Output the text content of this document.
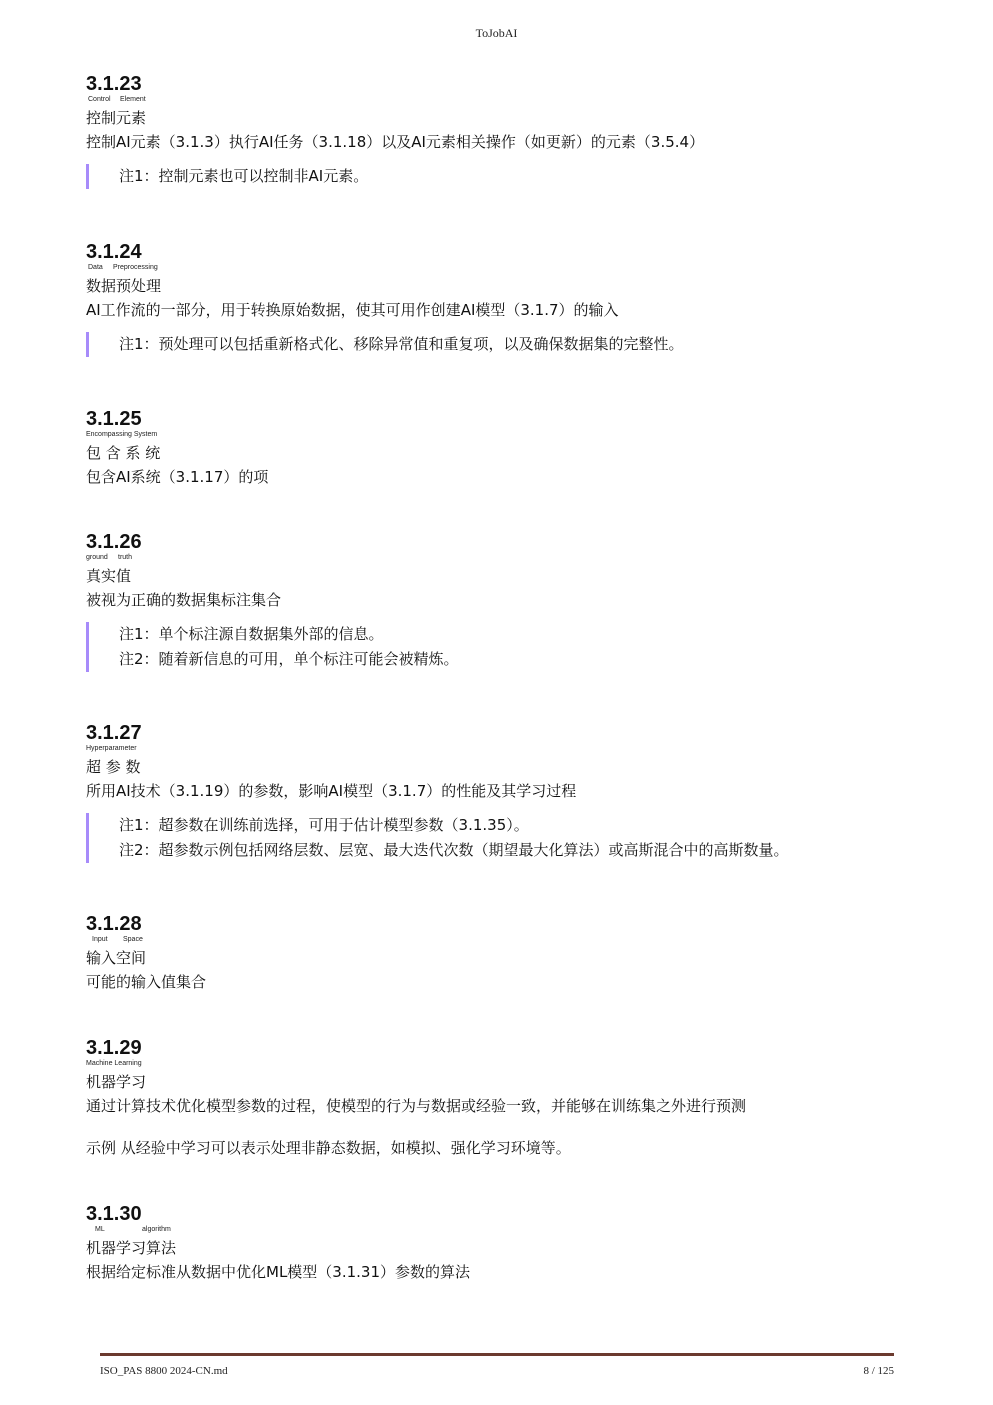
ToJobAI
3.1.23
Control Element
控制元素
控制AI元素（3.1.3）执行AI任务（3.1.18）以及AI元素相关操作（如更新）的元素（3.5.4）
注1：控制元素也可以控制非AI元素。
3.1.24
Data Preprocessing
数据预处理
AI工作流的一部分，用于转换原始数据，使其可用作创建AI模型（3.1.7）的输入
注1：预处理可以包括重新格式化、移除异常值和重复项，以及确保数据集的完整性。
3.1.25
Encompassing System
包 含 系 统
包含AI系统（3.1.17）的项
3.1.26
ground truth
真实值
被视为正确的数据集标注集合
注1：单个标注源自数据集外部的信息。
注2：随着新信息的可用，单个标注可能会被精炼。
3.1.27
Hyperparameter
超 参 数
所用AI技术（3.1.19）的参数，影响AI模型（3.1.7）的性能及其学习过程
注1：超参数在训练前选择，可用于估计模型参数（3.1.35）。
注2：超参数示例包括网络层数、层宽、最大迭代次数（期望最大化算法）或高斯混合中的高斯数量。
3.1.28
Input Space
输入空间
可能的输入值集合
3.1.29
Machine Learning
机器学习
通过计算技术优化模型参数的过程，使模型的行为与数据或经验一致，并能够在训练集之外进行预测
示例 从经验中学习可以表示处理非静态数据，如模拟、强化学习环境等。
3.1.30
ML	algorithm
机器学习算法
根据给定标准从数据中优化ML模型（3.1.31）参数的算法
ISO_PAS 8800 2024-CN.md	8 / 125
